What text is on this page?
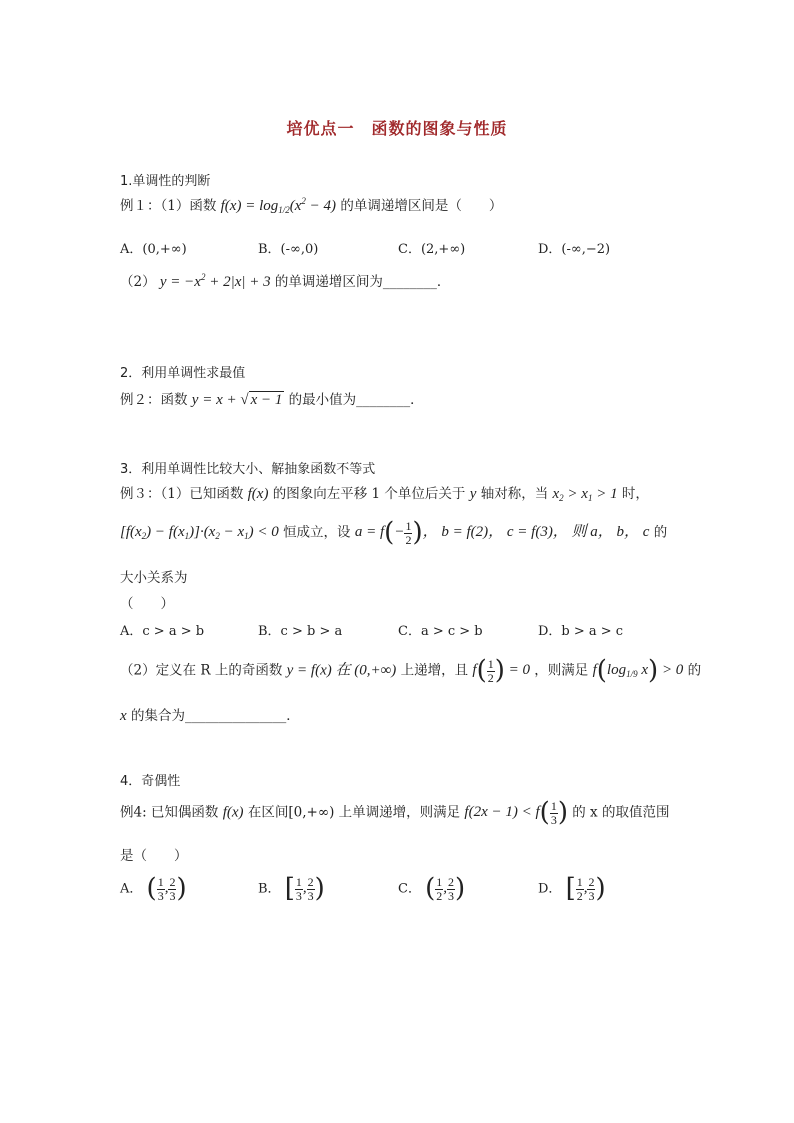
培优点一　函数的图象与性质
1.单调性的判断
例１：（1）函数 $f(x) = \log_{1/2}(x^2 - 4)$ 的单调递增区间是（　　）
A．(0,+∞)	B．(-∞,0)	C．(2,+∞)	D．(-∞,−2)
（2） $y = -x^2 + 2|x| + 3$ 的单调递增区间为________．
2．利用单调性求最值
例２：函数 y = x + √ x − 1 的最小值为________．
3．利用单调性比较大小、解抽象函数不等式
例３：（1）已知函数 f(x) 的图象向左平移 1 个单位后关于 y 轴对称，当 $x_2 > x_1 > 1$ 时，
$[f(x_2) - f(x_1)]\cdot(x_2 - x_1) < 0$ 恒成立，设 $a = f(- \frac{1}{2}$ )， b = f(2)， c = f(3)， 则 a， b， c 的
大小关系为
（　　）
A．c > a > b	B．c > b > a	C．a > c > b	D．b > a > c
（2）定义在 R 上的奇函数 y = f(x) 在 (0,+∞) 上递增，且 $f( \frac{1}{2}$ ) = 0 ，则满足 $f(\log_{1/9}$ x) > 0 的
x 的集合为_______________．
4．奇偶性
例4: 已知偶函数 f(x) 在区间[0,+∞) 上单调递增，则满足 $f(2x - 1) < f( \frac{1}{3}$ ) 的 x 的取值范围
是（　　）
A． ( $\frac{1}{3}$ , $\frac{2}{3}$ )	B． [ $\frac{1}{3}$ , $\frac{2}{3}$ )	C． ( $\frac{1}{2}$ , $\frac{2}{3}$ )	D． [ $\frac{1}{2}$ , $\frac{2}{3}$ )
